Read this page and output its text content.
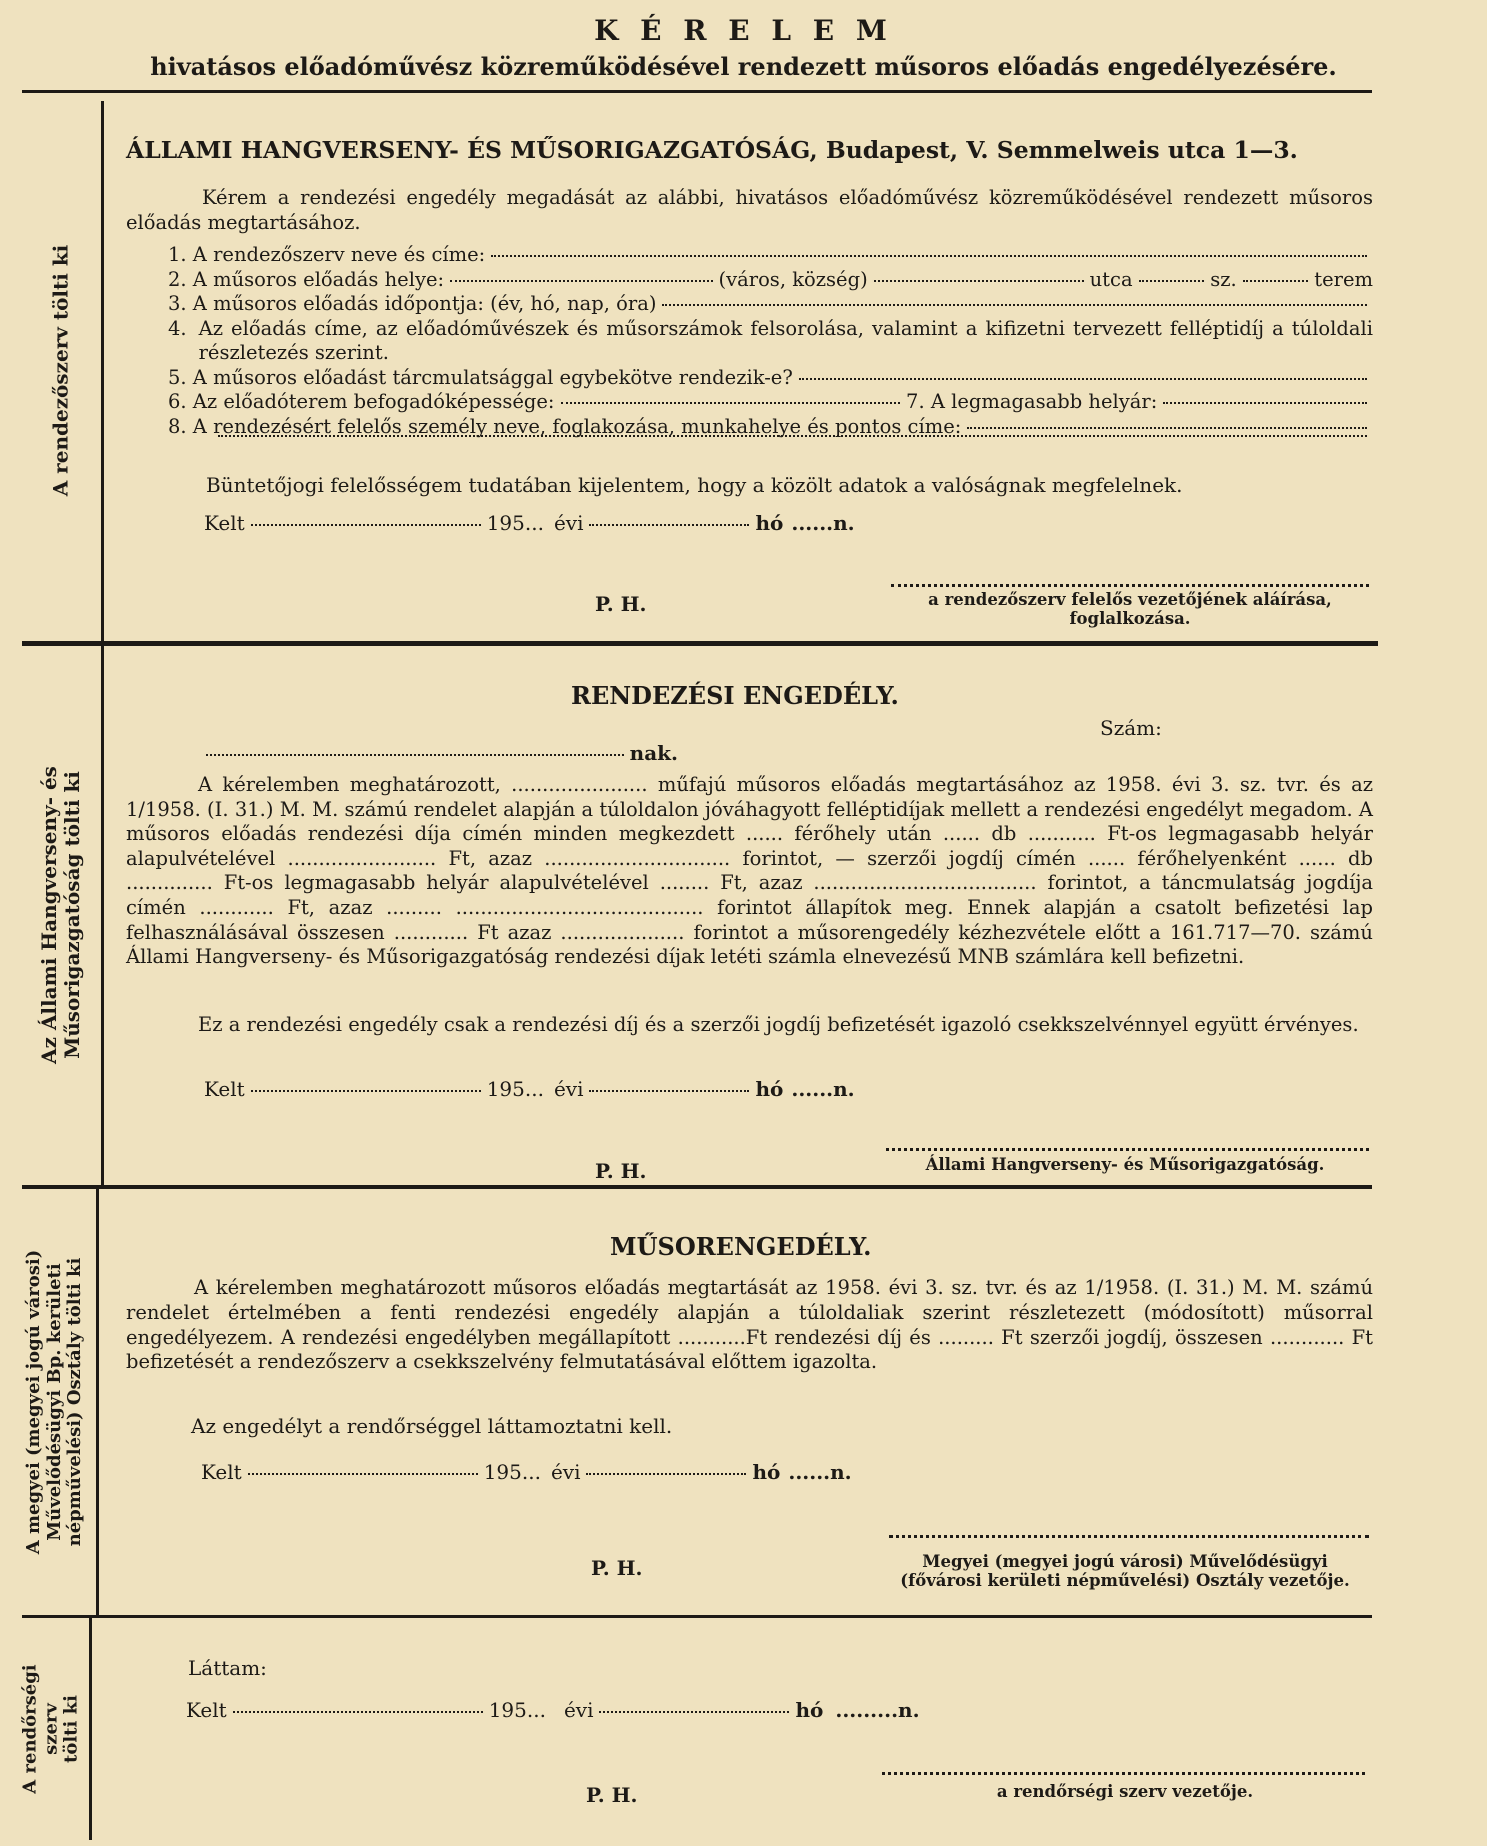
K É R E L E M
hivatásos előadóművész közreműködésével rendezett műsoros előadás engedélyezésére.
A rendezőszerv tölti ki
Az Állami Hangverseny- és Műsorigazgatóság tölti ki
A megyei (megyei jogú városi) Művelődésügyi Bp. kerületi népművelési) Osztály tölti ki
A rendőrségi szerv tölti ki
ÁLLAMI HANGVERSENY- ÉS MŰSORIGAZGATÓSÁG, Budapest, V. Semmelweis utca 1—3.
Kérem a rendezési engedély megadását az alábbi, hivatásos előadóművész közreműködésével rendezett műsoros előadás megtartásához.
1. A rendezőszerv neve és címe:
2. A műsoros előadás helye:	(város, község)	utca	sz.	terem
3. A műsoros előadás időpontja: (év, hó, nap, óra)
4. Az előadás címe, az előadóművészek és műsorszámok felsorolása, valamint a kifizetni tervezett felléptidíj a túloldali részletezés szerint.
5. A műsoros előadást tárcmulatsággal egybekötve rendezik-e?
6. Az előadóterem befogadóképessége:	7. A legmagasabb helyár:
8. A rendezésért felelős személy neve, foglakozása, munkahelye és pontos címe:
Büntetőjogi felelősségem tudatában kijelentem, hogy a közölt adatok a valóságnak megfelelnek.
Kelt	195... évi	hó ......n.
P. H.	a rendezőszerv felelős vezetőjének aláírása,
foglalkozása.
RENDEZÉSI ENGEDÉLY.
Szám:
nak.
A kérelemben meghatározott, ...................... műfajú műsoros előadás megtartásához az 1958. évi 3. sz. tvr. és az 1/1958. (I. 31.) M. M. számú rendelet alapján a túloldalon jóváhagyott felléptidíjak mellett a rendezési engedélyt megadom. A műsoros előadás rendezési díja címén minden megkezdett ...... férőhely után ...... db ........... Ft-os legmagasabb helyár alapulvételével ........................ Ft, azaz .............................. forintot, — szerzői jogdíj címén ...... férőhelyenként ...... db .............. Ft-os legmagasabb helyár alapulvételével ........ Ft, azaz .................................... forintot, a táncmulatság jogdíja címén ............ Ft, azaz ......... ........................................ forintot állapítok meg. Ennek alapján a csatolt befizetési lap felhasználásával összesen ............ Ft azaz .................... forintot a műsorengedély kézhezvétele előtt a 161.717—70. számú Állami Hangverseny- és Műsorigazgatóság rendezési díjak letéti számla elnevezésű MNB számlára kell befizetni.
Ez a rendezési engedély csak a rendezési díj és a szerzői jogdíj befizetését igazoló csekkszelvénnyel együtt érvényes.
Kelt	195... évi	hó ......n.
P. H.	Állami Hangverseny- és Műsorigazgatóság.
MŰSORENGEDÉLY.
A kérelemben meghatározott műsoros előadás megtartását az 1958. évi 3. sz. tvr. és az 1/1958. (I. 31.) M. M. számú rendelet értelmében a fenti rendezési engedély alapján a túloldaliak szerint részletezett (módosított) műsorral engedélyezem. A rendezési engedélyben megállapított ...........Ft rendezési díj és ......... Ft szerzői jogdíj, összesen ............ Ft befizetését a rendezőszerv a csekkszelvény felmutatásával előttem igazolta.
Az engedélyt a rendőrséggel láttamoztatni kell.
Kelt	195... évi	hó ......n.
P. H.	Megyei (megyei jogú városi) Művelődésügyi
(fővárosi kerületi népművelési) Osztály vezetője.
Láttam:
Kelt	195... évi	hó .........n.
P. H.	a rendőrségi szerv vezetője.
